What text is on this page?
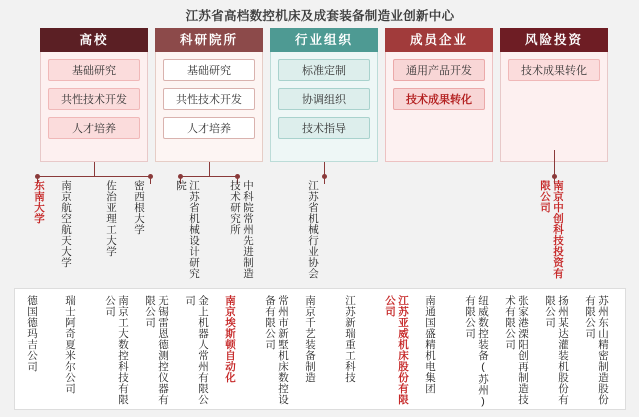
江苏省高档数控机床及成套装备制造业创新中心
高校
基础研究
共性技术开发
人才培养
科研院所
基础研究
共性技术开发
人才培养
行业组织
标准定制
协调组织
技术指导
成员企业
通用产品开发
技术成果转化
风险投资
技术成果转化
东南大学 南京航空航天大学	佐治亚理工大学 密西根大学	江苏省机械设计研究院	中科院常州先进制造技术研究所	江苏省机械行业协会	南京中创科技投资有限公司
德国德玛吉公司 瑞士阿奇夏米尔公司	南京工大数控科技有限公司	无锡雷恩德测控仪器有限公司	金上机器人常州有限公司	南京埃斯顿自动化	常州市新墅机床数控设备有限公司	南京千艺装备制造	江苏新瑞重工科技	江苏亚威机床股份有限公司	南通国盛精机电集团	纽威数控装备(苏州)有限公司	张家港溧阳创再制造技术有限公司	扬州某达灌装机股份有限公司	苏州东山精密制造股份有限公司
